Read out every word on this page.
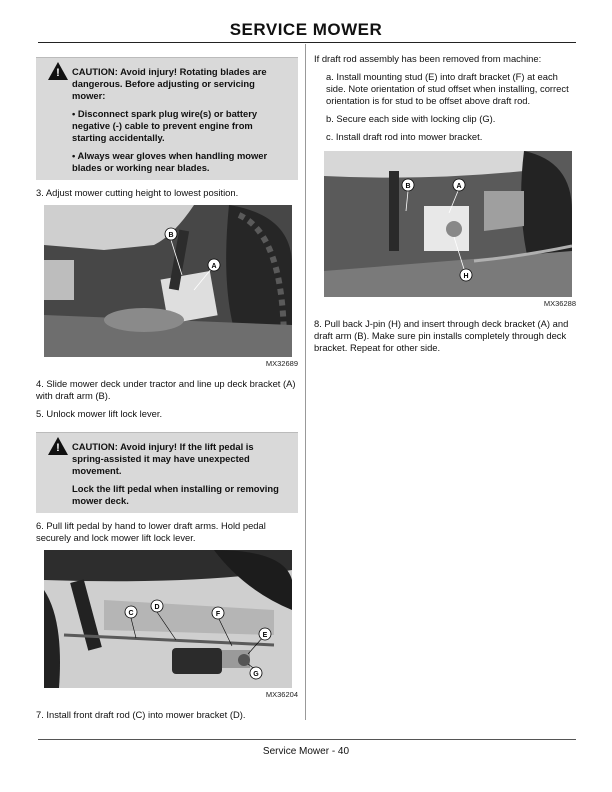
SERVICE MOWER
! CAUTION: Avoid injury! Rotating blades are dangerous. Before adjusting or servicing mower:
• Disconnect spark plug wire(s) or battery negative (-) cable to prevent engine from starting accidentally.
• Always wear gloves when handling mower blades or working near blades.

3. Adjust mower cutting height to lowest position.

B
A
MX32689

4. Slide mower deck under tractor and line up deck bracket (A) with draft arm (B).

5. Unlock mower lift lock lever.

! CAUTION: Avoid injury! If the lift pedal is spring-assisted it may have unexpected movement.
Lock the lift pedal when installing or removing mower deck.

6. Pull lift pedal by hand to lower draft arms. Hold pedal securely and lock mower lift lock lever.

C
D
F
E
G
MX36204

7. Install front draft rod (C) into mower bracket (D).

If draft rod assembly has been removed from machine:

a. Install mounting stud (E) into draft bracket (F) at each side. Note orientation of stud offset when installing, correct orientation is for stud to be offset above draft rod.

b. Secure each side with locking clip (G).

c. Install draft rod into mower bracket.

B	A
H
MX36288

8. Pull back J-pin (H) and insert through deck bracket (A) and draft arm (B). Make sure pin installs completely through deck bracket. Repeat for other side.

Service Mower - 40
